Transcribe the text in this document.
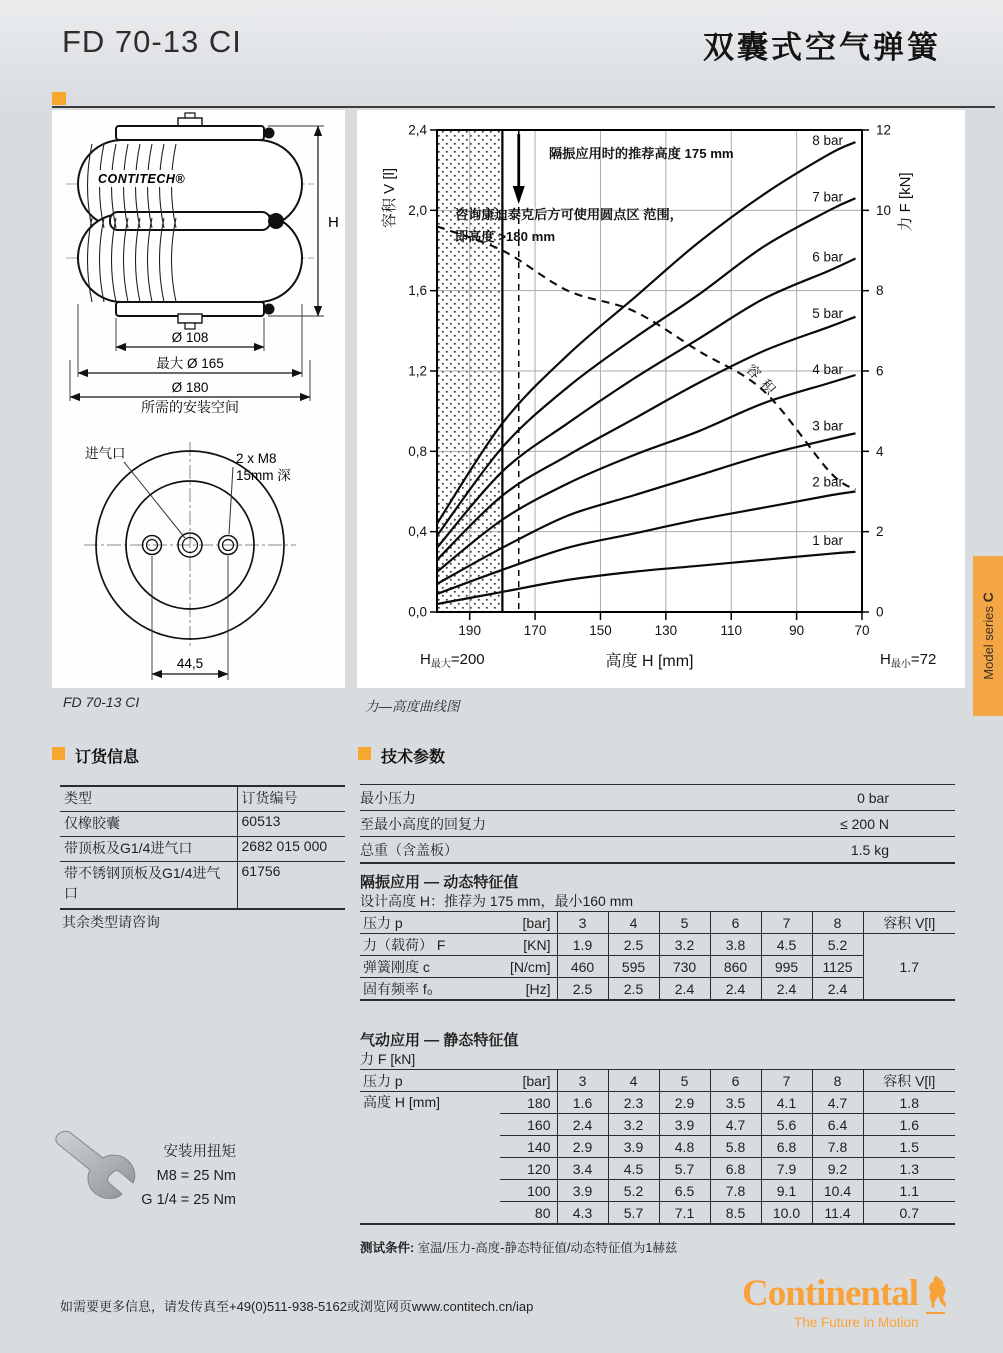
FD 70-13 CI	双囊式空气弹簧
CONTITECH®
H
Ø 108
最大 Ø 165
Ø 180
所需的安装空间
进气口	2 x M8
15mm 深
44,5
FD 70-13 CI
1 bar
2 bar
3 bar
4 bar
5 bar
6 bar
7 bar
8 bar
容积
隔振应用时的推荐高度 175 mm
咨询康迪泰克后方可使用圆点区 范围，
即高度 >180 mm
2,4
2,0
1,6
1,2
0,8
0,4
0,0
12
10
8
6
4
2
0
190	170	150	130	110	90	70
容积 V [l]	力 F [kN]
高度 H [mm]
$H_{最大}=200$	$H_{最小}=72$
力—高度曲线图
Model series C
订货信息
类型	订货编号
仅橡胶囊	60513
带顶板及G1/4进气口	2682 015 000
带不锈钢顶板及G1/4进气口	61756
其余类型请咨询
技术参数
最小压力	0 bar
至最小高度的回复力	≤ 200 N
总重（含盖板）	1.5 kg
隔振应用 — 动态特征值
设计高度 H：推荐为 175 mm，最小160 mm
压力 p	[bar]	3	4	5	6	7	8	容积 V[l]
力（载荷） F	[KN]	1.9	2.5	3.2	3.8	4.5	5.2	1.7
弹簧刚度 c	[N/cm]	460	595	730	860	995	1125	
固有频率 f₀	[Hz]	2.5	2.5	2.4	2.4	2.4	2.4	
气动应用 — 静态特征值
力 F [kN]
压力 p	[bar]	3	4	5	6	7	8	容积 V[l]
高度 H [mm]	180	1.6	2.3	2.9	3.5	4.1	4.7	1.8
	160	2.4	3.2	3.9	4.7	5.6	6.4	1.6
	140	2.9	3.9	4.8	5.8	6.8	7.8	1.5
	120	3.4	4.5	5.7	6.8	7.9	9.2	1.3
	100	3.9	5.2	6.5	7.8	9.1	10.4	1.1
	80	4.3	5.7	7.1	8.5	10.0	11.4	0.7
测试条件: 室温/压力-高度-静态特征值/动态特征值为1赫兹
安装用扭矩
M8 = 25 Nm
G 1/4 = 25 Nm
如需要更多信息，请发传真至+49(0)511-938-5162或浏览网页www.contitech.cn/iap	Continental
The Future in Motion
